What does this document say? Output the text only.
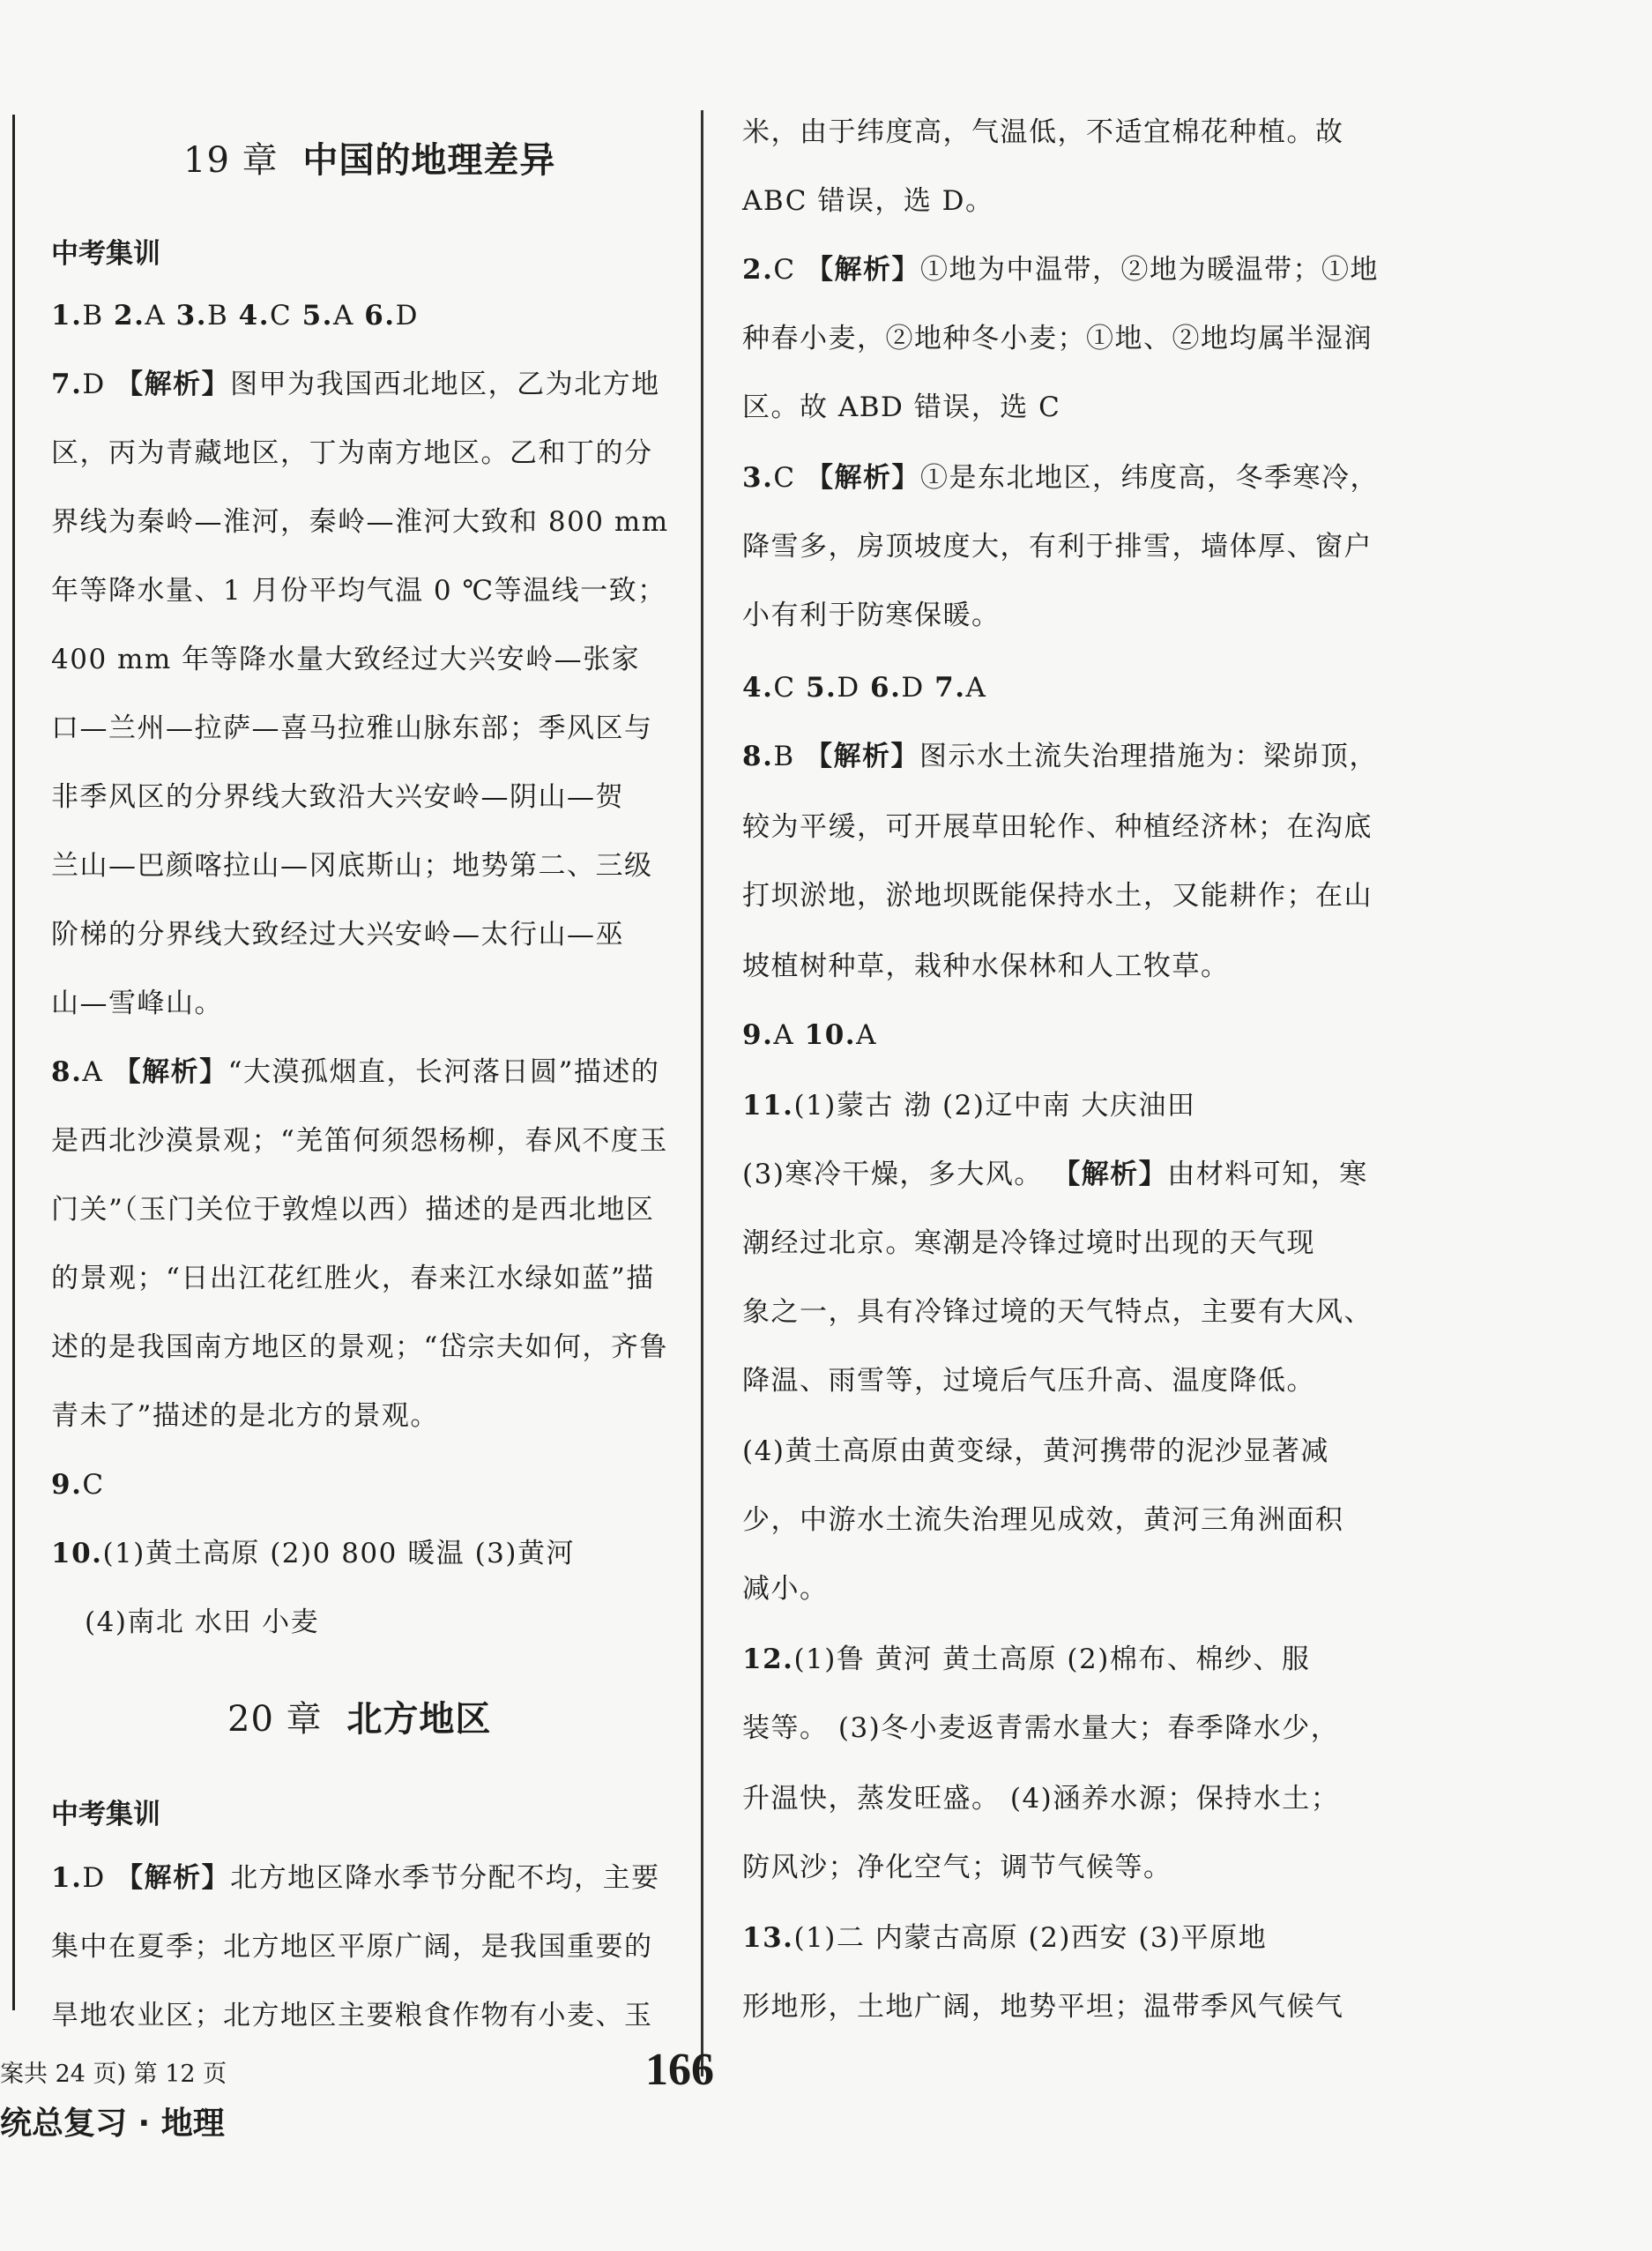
19 章 中国的地理差异
中考集训
1.B 2.A 3.B 4.C 5.A 6.D
7.D 【解析】图甲为我国西北地区，乙为北方地
区，丙为青藏地区，丁为南方地区。乙和丁的分
界线为秦岭—淮河，秦岭—淮河大致和 800 mm
年等降水量、1 月份平均气温 0 ℃等温线一致；
400 mm 年等降水量大致经过大兴安岭—张家
口—兰州—拉萨—喜马拉雅山脉东部；季风区与
非季风区的分界线大致沿大兴安岭—阴山—贺
兰山—巴颜喀拉山—冈底斯山；地势第二、三级
阶梯的分界线大致经过大兴安岭—太行山—巫
山—雪峰山。
8.A 【解析】“大漠孤烟直，长河落日圆”描述的
是西北沙漠景观；“羌笛何须怨杨柳，春风不度玉
门关”（玉门关位于敦煌以西）描述的是西北地区
的景观；“日出江花红胜火，春来江水绿如蓝”描
述的是我国南方地区的景观；“岱宗夫如何，齐鲁
青未了”描述的是北方的景观。
9.C
10.(1)黄土高原 (2)0 800 暖温 (3)黄河
(4)南北 水田 小麦
20 章 北方地区
中考集训
1.D 【解析】北方地区降水季节分配不均，主要
集中在夏季；北方地区平原广阔，是我国重要的
旱地农业区；北方地区主要粮食作物有小麦、玉
米，由于纬度高，气温低，不适宜棉花种植。故
ABC 错误，选 D。
2.C 【解析】①地为中温带，②地为暖温带；①地
种春小麦，②地种冬小麦；①地、②地均属半湿润
区。故 ABD 错误，选 C
3.C 【解析】①是东北地区，纬度高，冬季寒冷，
降雪多，房顶坡度大，有利于排雪，墙体厚、窗户
小有利于防寒保暖。
4.C 5.D 6.D 7.A
8.B 【解析】图示水土流失治理措施为：梁峁顶，
较为平缓，可开展草田轮作、种植经济林；在沟底
打坝淤地，淤地坝既能保持水土，又能耕作；在山
坡植树种草，栽种水保林和人工牧草。
9.A 10.A
11.(1)蒙古 渤 (2)辽中南 大庆油田
(3)寒冷干燥，多大风。 【解析】由材料可知，寒
潮经过北京。寒潮是冷锋过境时出现的天气现
象之一，具有冷锋过境的天气特点，主要有大风、
降温、雨雪等，过境后气压升高、温度降低。
(4)黄土高原由黄变绿，黄河携带的泥沙显著减
少，中游水土流失治理见成效，黄河三角洲面积
减小。
12.(1)鲁 黄河 黄土高原 (2)棉布、棉纱、服
装等。 (3)冬小麦返青需水量大；春季降水少，
升温快，蒸发旺盛。 (4)涵养水源；保持水土；
防风沙；净化空气；调节气候等。
13.(1)二 内蒙古高原 (2)西安 (3)平原地
形地形，土地广阔，地势平坦；温带季风气候气
案共 24 页) 第 12 页
统总复习 · 地理
166
